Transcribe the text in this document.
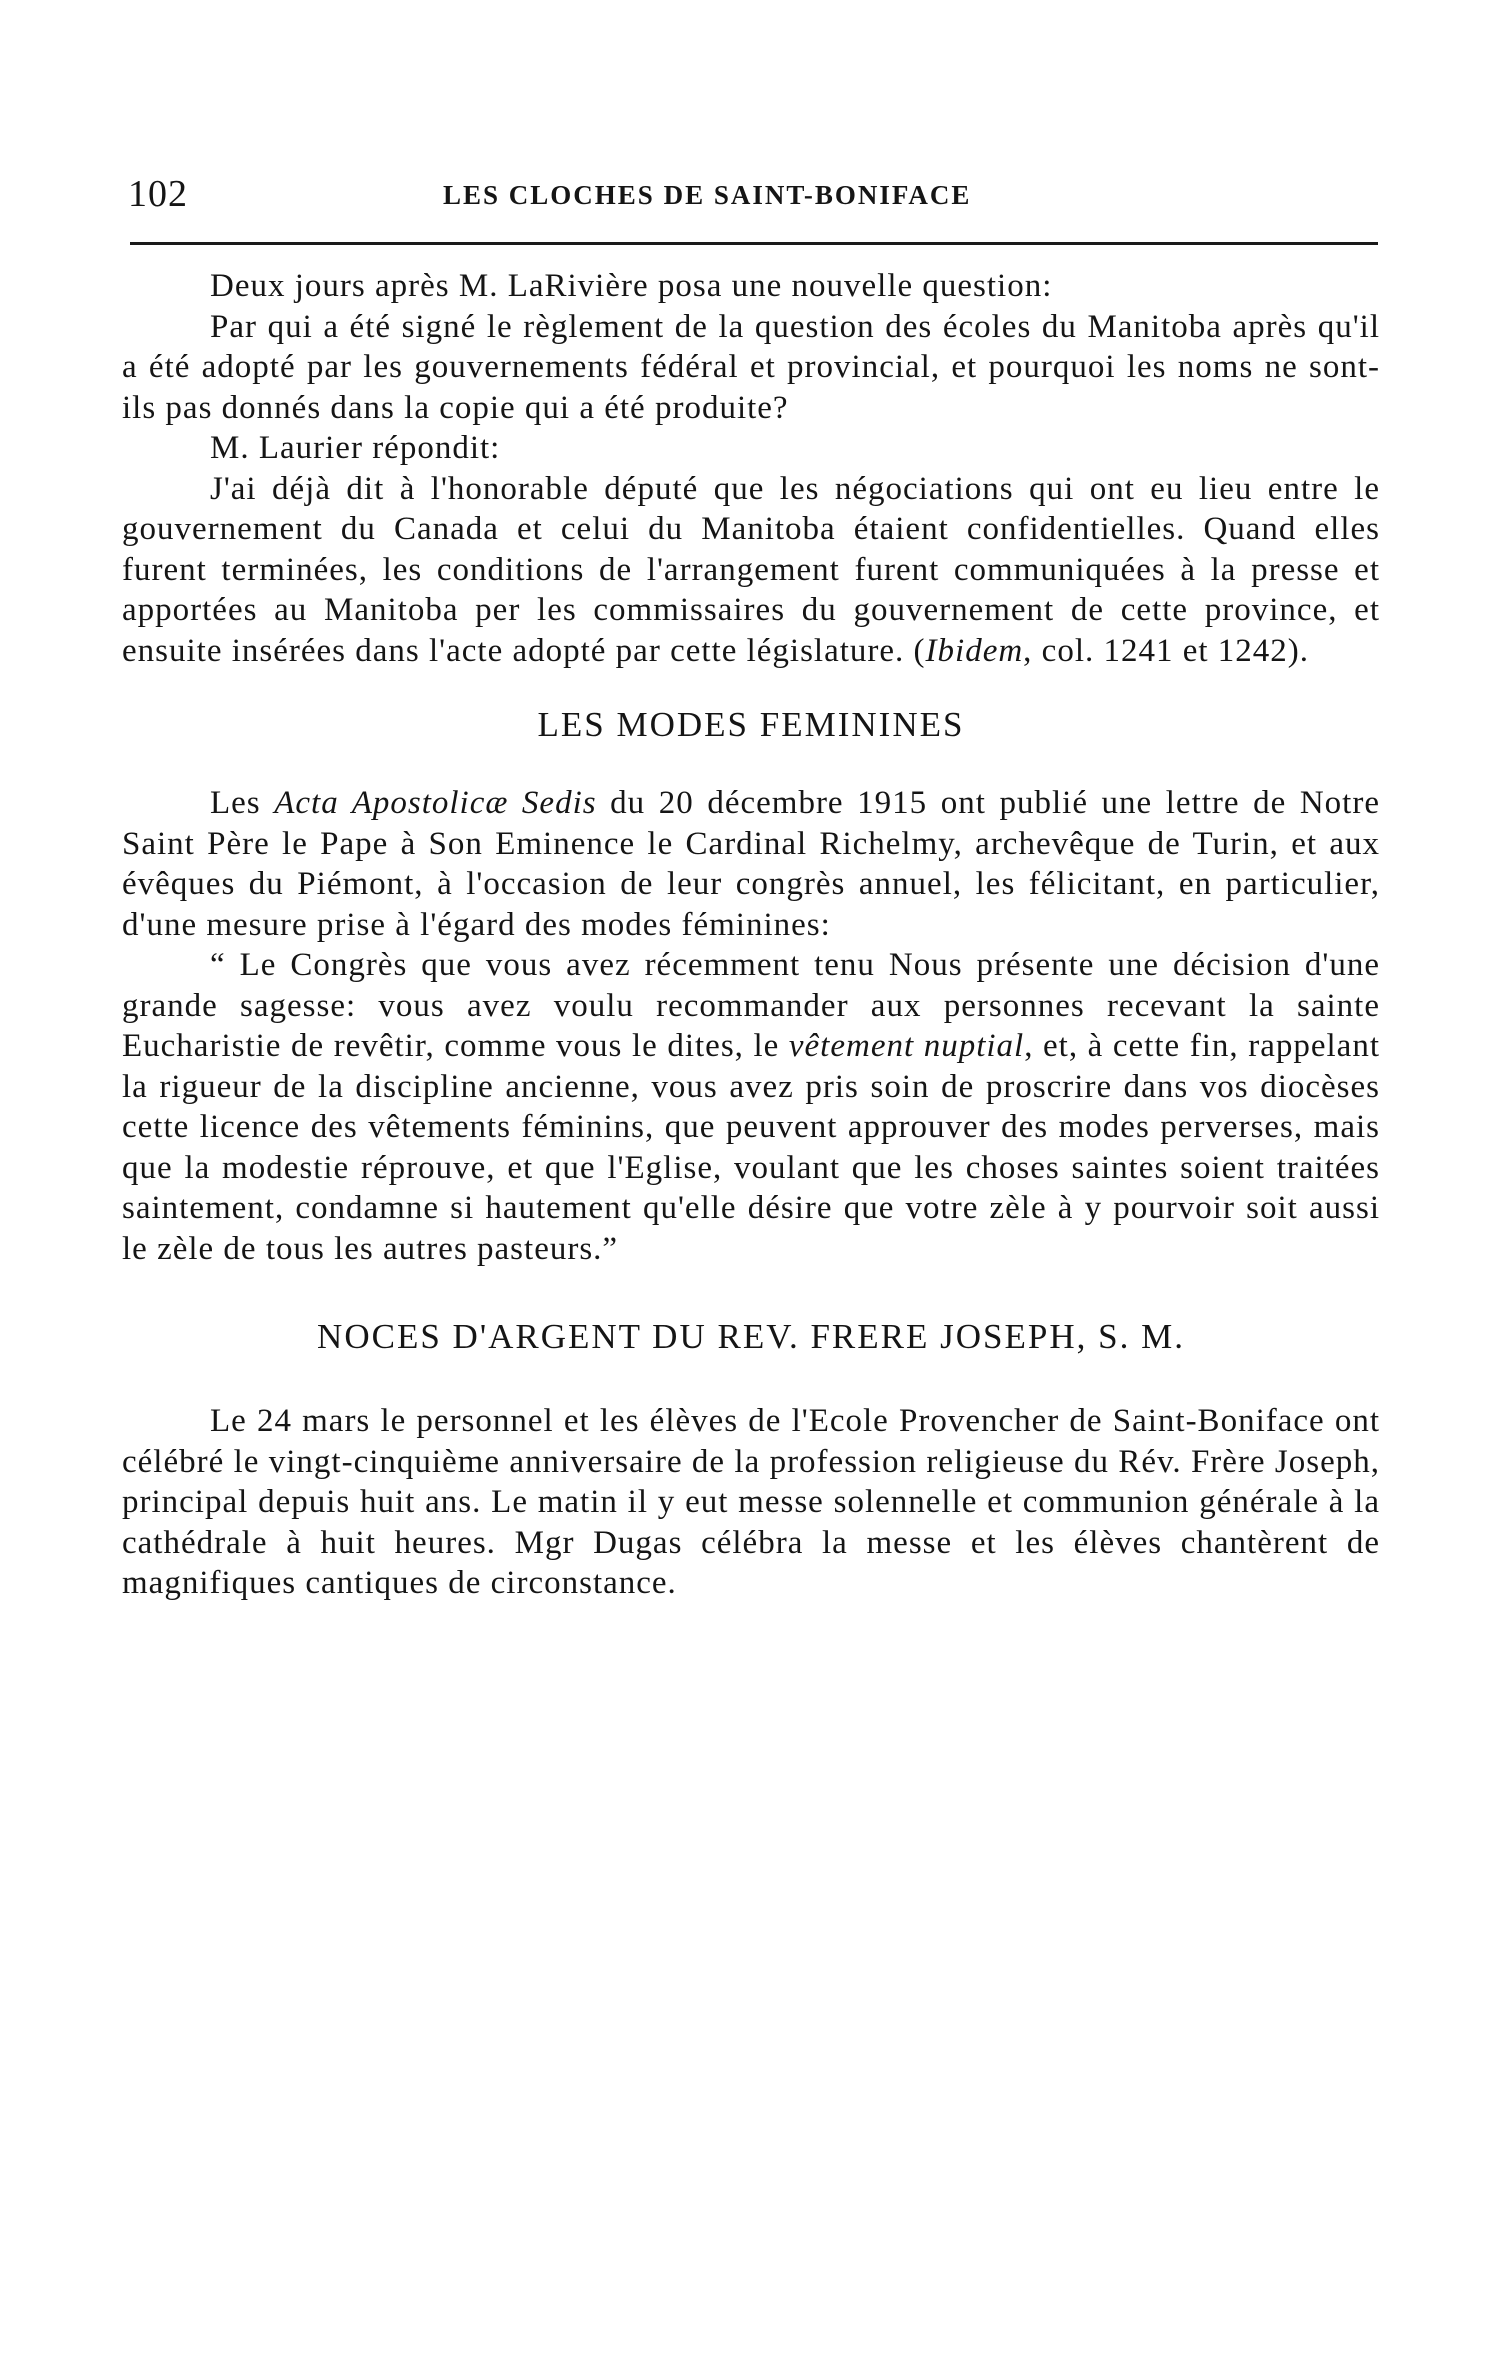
102	LES CLOCHES DE SAINT-BONIFACE

Deux jours après M. LaRivière posa une nouvelle question:

Par qui a été signé le règlement de la question des écoles du Manitoba après qu'il a été adopté par les gouvernements fédéral et provincial, et pourquoi les noms ne sont-ils pas donnés dans la copie qui a été produite?

M. Laurier répondit:

J'ai déjà dit à l'honorable député que les négociations qui ont eu lieu entre le gouvernement du Canada et celui du Manitoba étaient confidentielles. Quand elles furent terminées, les conditions de l'arrangement furent communiquées à la presse et apportées au Manitoba per les commissaires du gouvernement de cette province, et ensuite insérées dans l'acte adopté par cette législature. (Ibidem, col. 1241 et 1242).

LES MODES FEMININES

Les Acta Apostolicæ Sedis du 20 décembre 1915 ont publié une lettre de Notre Saint Père le Pape à Son Eminence le Cardinal Richelmy, archevêque de Turin, et aux évêques du Piémont, à l'occasion de leur congrès annuel, les félicitant, en particulier, d'une mesure prise à l'égard des modes féminines:

“ Le Congrès que vous avez récemment tenu Nous présente une décision d'une grande sagesse: vous avez voulu recommander aux personnes recevant la sainte Eucharistie de revêtir, comme vous le dites, le vêtement nuptial, et, à cette fin, rappelant la rigueur de la discipline ancienne, vous avez pris soin de proscrire dans vos diocèses cette licence des vêtements féminins, que peuvent approuver des modes perverses, mais que la modestie réprouve, et que l'Eglise, voulant que les choses saintes soient traitées saintement, condamne si hautement qu'elle désire que votre zèle à y pourvoir soit aussi le zèle de tous les autres pasteurs.”

NOCES D'ARGENT DU REV. FRERE JOSEPH, S. M.

Le 24 mars le personnel et les élèves de l'Ecole Provencher de Saint-Boniface ont célébré le vingt-cinquième anniversaire de la profession religieuse du Rév. Frère Joseph, principal depuis huit ans. Le matin il y eut messe solennelle et communion générale à la cathédrale à huit heures. Mgr Dugas célébra la messe et les élèves chantèrent de magnifiques cantiques de circonstance.
